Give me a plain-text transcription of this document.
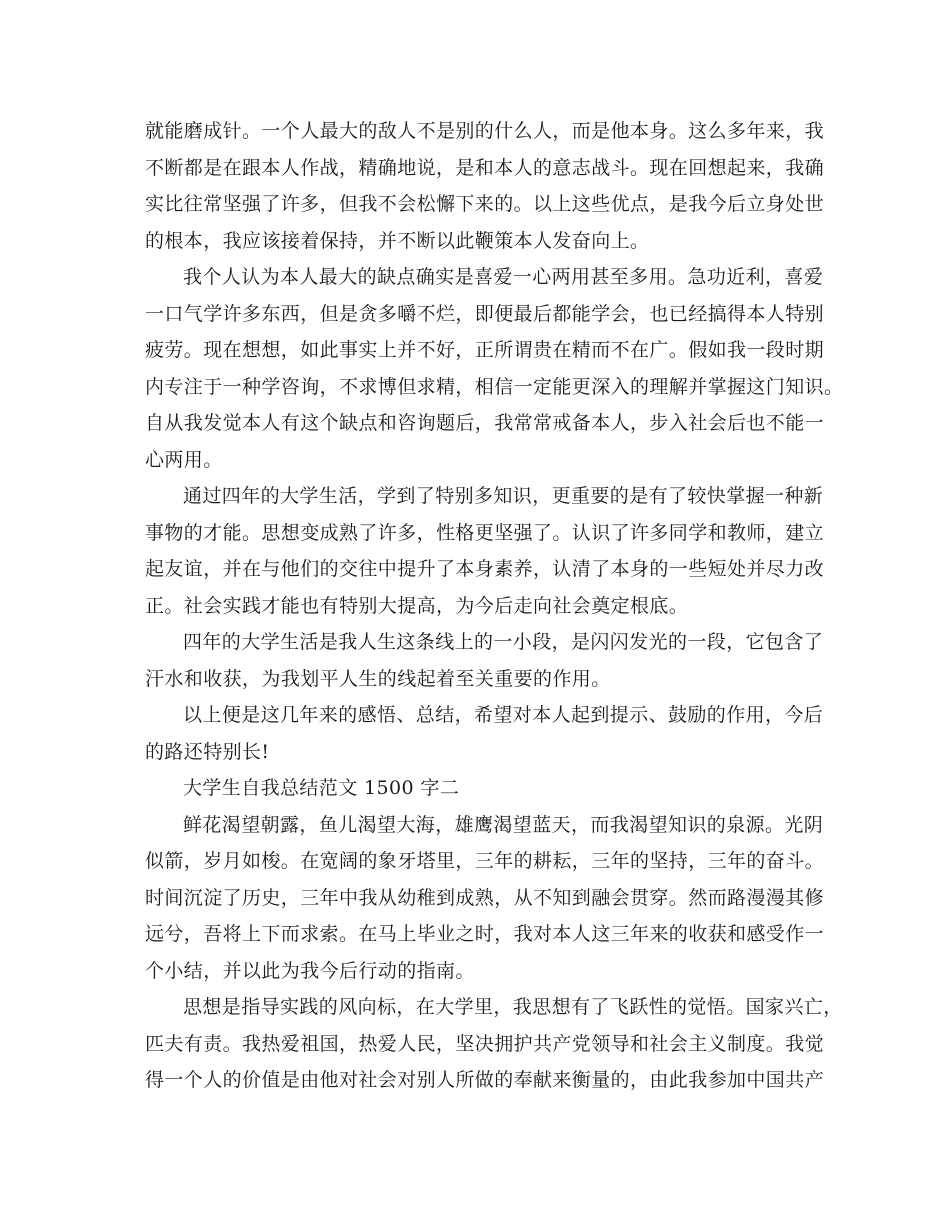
就能磨成针。一个人最大的敌人不是别的什么人，而是他本身。这么多年来，我
不断都是在跟本人作战，精确地说，是和本人的意志战斗。现在回想起来，我确
实比往常坚强了许多，但我不会松懈下来的。以上这些优点，是我今后立身处世
的根本，我应该接着保持，并不断以此鞭策本人发奋向上。
我个人认为本人最大的缺点确实是喜爱一心两用甚至多用。急功近利，喜爱
一口气学许多东西，但是贪多嚼不烂，即便最后都能学会，也已经搞得本人特别
疲劳。现在想想，如此事实上并不好，正所谓贵在精而不在广。假如我一段时期
内专注于一种学咨询，不求博但求精，相信一定能更深入的理解并掌握这门知识。
自从我发觉本人有这个缺点和咨询题后，我常常戒备本人，步入社会后也不能一
心两用。
通过四年的大学生活，学到了特别多知识，更重要的是有了较快掌握一种新
事物的才能。思想变成熟了许多，性格更坚强了。认识了许多同学和教师，建立
起友谊，并在与他们的交往中提升了本身素养，认清了本身的一些短处并尽力改
正。社会实践才能也有特别大提高，为今后走向社会奠定根底。
四年的大学生活是我人生这条线上的一小段，是闪闪发光的一段，它包含了
汗水和收获，为我划平人生的线起着至关重要的作用。
以上便是这几年来的感悟、总结，希望对本人起到提示、鼓励的作用，今后
的路还特别长!
大学生自我总结范文 1500 字二
鲜花渴望朝露，鱼儿渴望大海，雄鹰渴望蓝天，而我渴望知识的泉源。光阴
似箭，岁月如梭。在宽阔的象牙塔里，三年的耕耘，三年的坚持，三年的奋斗。
时间沉淀了历史，三年中我从幼稚到成熟，从不知到融会贯穿。然而路漫漫其修
远兮，吾将上下而求索。在马上毕业之时，我对本人这三年来的收获和感受作一
个小结，并以此为我今后行动的指南。
思想是指导实践的风向标，在大学里，我思想有了飞跃性的觉悟。国家兴亡，
匹夫有责。我热爱祖国，热爱人民，坚决拥护共产党领导和社会主义制度。我觉
得一个人的价值是由他对社会对别人所做的奉献来衡量的，由此我参加中国共产
